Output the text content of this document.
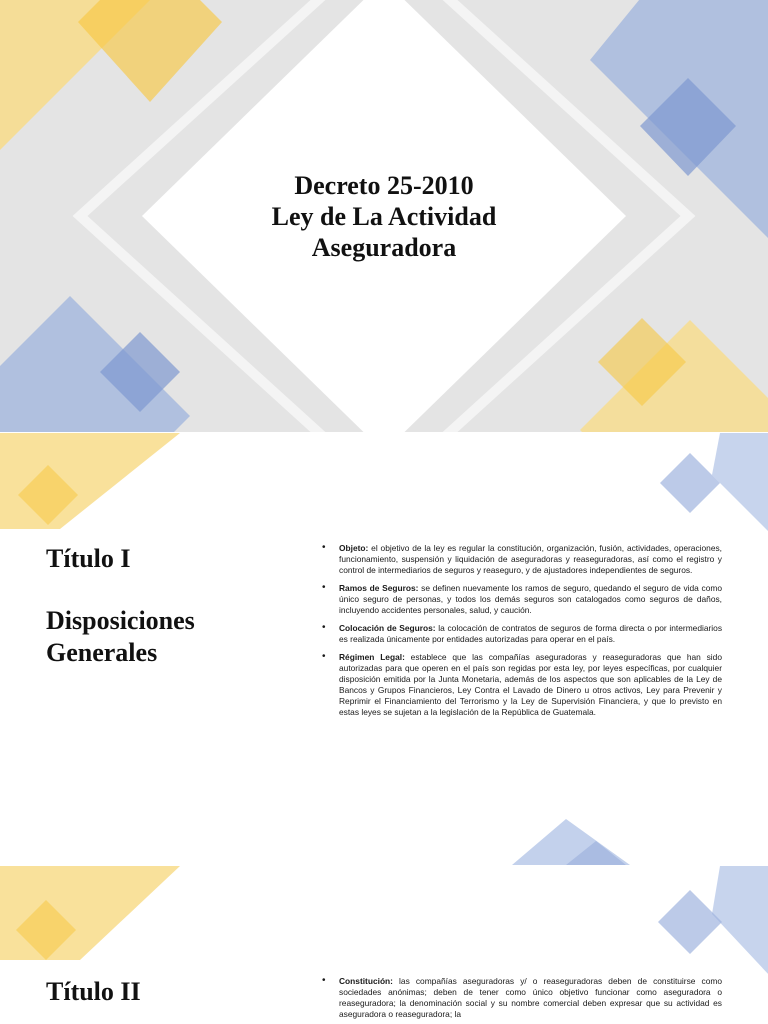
Decreto 25-2010
Ley de La Actividad
Aseguradora
Título I
Disposiciones
Generales
• Objeto: el objetivo de la ley es regular la constitución, organización, fusión, actividades, operaciones, funcionamiento, suspensión y liquidación de aseguradoras y reaseguradoras, así como el registro y control de intermediarios de seguros y reaseguro, y de ajustadores independientes de seguros.
• Ramos de Seguros: se definen nuevamente los ramos de seguro, quedando el seguro de vida como único seguro de personas, y todos los demás seguros son catalogados como seguros de daños, incluyendo accidentes personales, salud, y caución.
• Colocación de Seguros: la colocación de contratos de seguros de forma directa o por intermediarios es realizada únicamente por entidades autorizadas para operar en el país.
• Régimen Legal: establece que las compañías aseguradoras y reaseguradoras que han sido autorizadas para que operen en el país son regidas por esta ley, por leyes específicas, por cualquier disposición emitida por la Junta Monetaria, además de los aspectos que son aplicables de la Ley de Bancos y Grupos Financieros, Ley Contra el Lavado de Dinero u otros activos, Ley para Prevenir y Reprimir el Financiamiento del Terrorismo y la Ley de Supervisión Financiera, y que lo previsto en estas leyes se sujetan a la legislación de la República de Guatemala.
Título II	• Constitución: las compañías aseguradoras y/ o reaseguradoras deben de constituirse como sociedades anónimas; deben de tener como único objetivo funcionar como aseguradora o reaseguradora; la denominación social y su nombre comercial deben expresar que su actividad es aseguradora o reaseguradora; la
